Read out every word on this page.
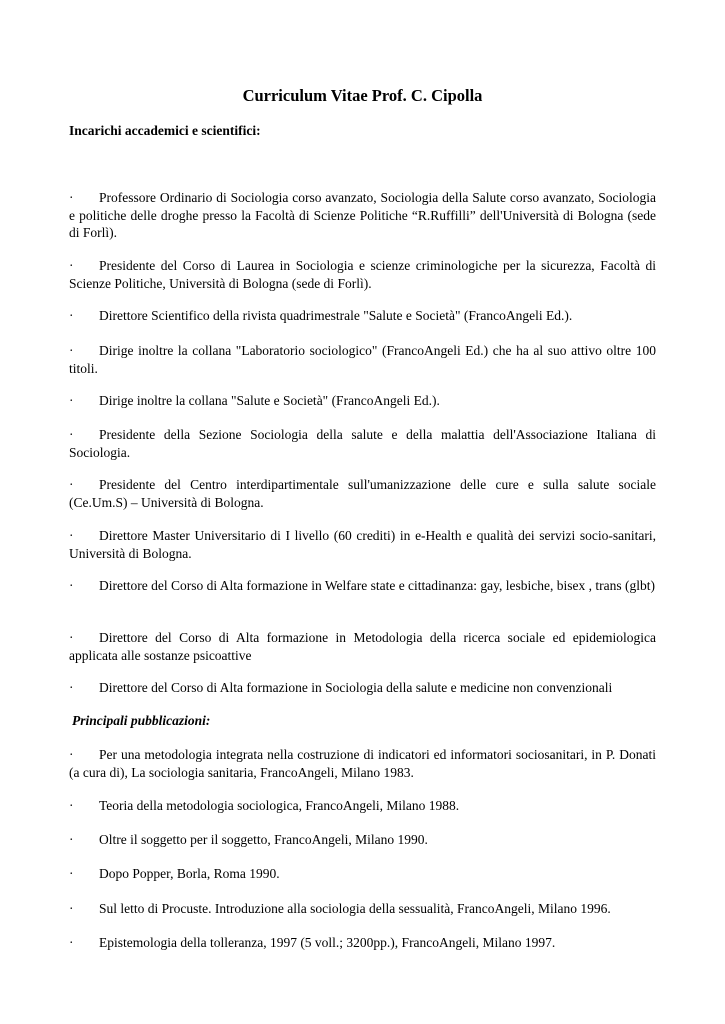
Curriculum Vitae Prof. C. Cipolla
Incarichi accademici e scientifici:
· Professore Ordinario di Sociologia corso avanzato, Sociologia della Salute corso avanzato, Sociologia e politiche delle droghe presso la Facoltà di Scienze Politiche “R.Ruffilli” dell'Università di Bologna (sede di Forlì).
· Presidente del Corso di Laurea in Sociologia e scienze criminologiche per la sicurezza, Facoltà di Scienze Politiche, Università di Bologna (sede di Forlì).
· Direttore Scientifico della rivista quadrimestrale "Salute e Società" (FrancoAngeli Ed.).
· Dirige inoltre la collana "Laboratorio sociologico" (FrancoAngeli Ed.) che ha al suo attivo oltre 100 titoli.
· Dirige inoltre la collana "Salute e Società" (FrancoAngeli Ed.).
· Presidente della Sezione Sociologia della salute e della malattia dell'Associazione Italiana di Sociologia.
· Presidente del Centro interdipartimentale sull'umanizzazione delle cure e sulla salute sociale (Ce.Um.S) – Università di Bologna.
· Direttore Master Universitario di I livello (60 crediti) in e-Health e qualità dei servizi socio-sanitari, Università di Bologna.
· Direttore del Corso di Alta formazione in Welfare state e cittadinanza: gay, lesbiche, bisex , trans (glbt)
· Direttore del Corso di Alta formazione in Metodologia della ricerca sociale ed epidemiologica applicata alle sostanze psicoattive
· Direttore del Corso di Alta formazione in Sociologia della salute e medicine non convenzionali
Principali pubblicazioni:
· Per una metodologia integrata nella costruzione di indicatori ed informatori sociosanitari, in P. Donati (a cura di), La sociologia sanitaria, FrancoAngeli, Milano 1983.
· Teoria della metodologia sociologica, FrancoAngeli, Milano 1988.
· Oltre il soggetto per il soggetto, FrancoAngeli, Milano 1990.
· Dopo Popper, Borla, Roma 1990.
· Sul letto di Procuste. Introduzione alla sociologia della sessualità, FrancoAngeli, Milano 1996.
· Epistemologia della tolleranza, 1997 (5 voll.; 3200pp.), FrancoAngeli, Milano 1997.
